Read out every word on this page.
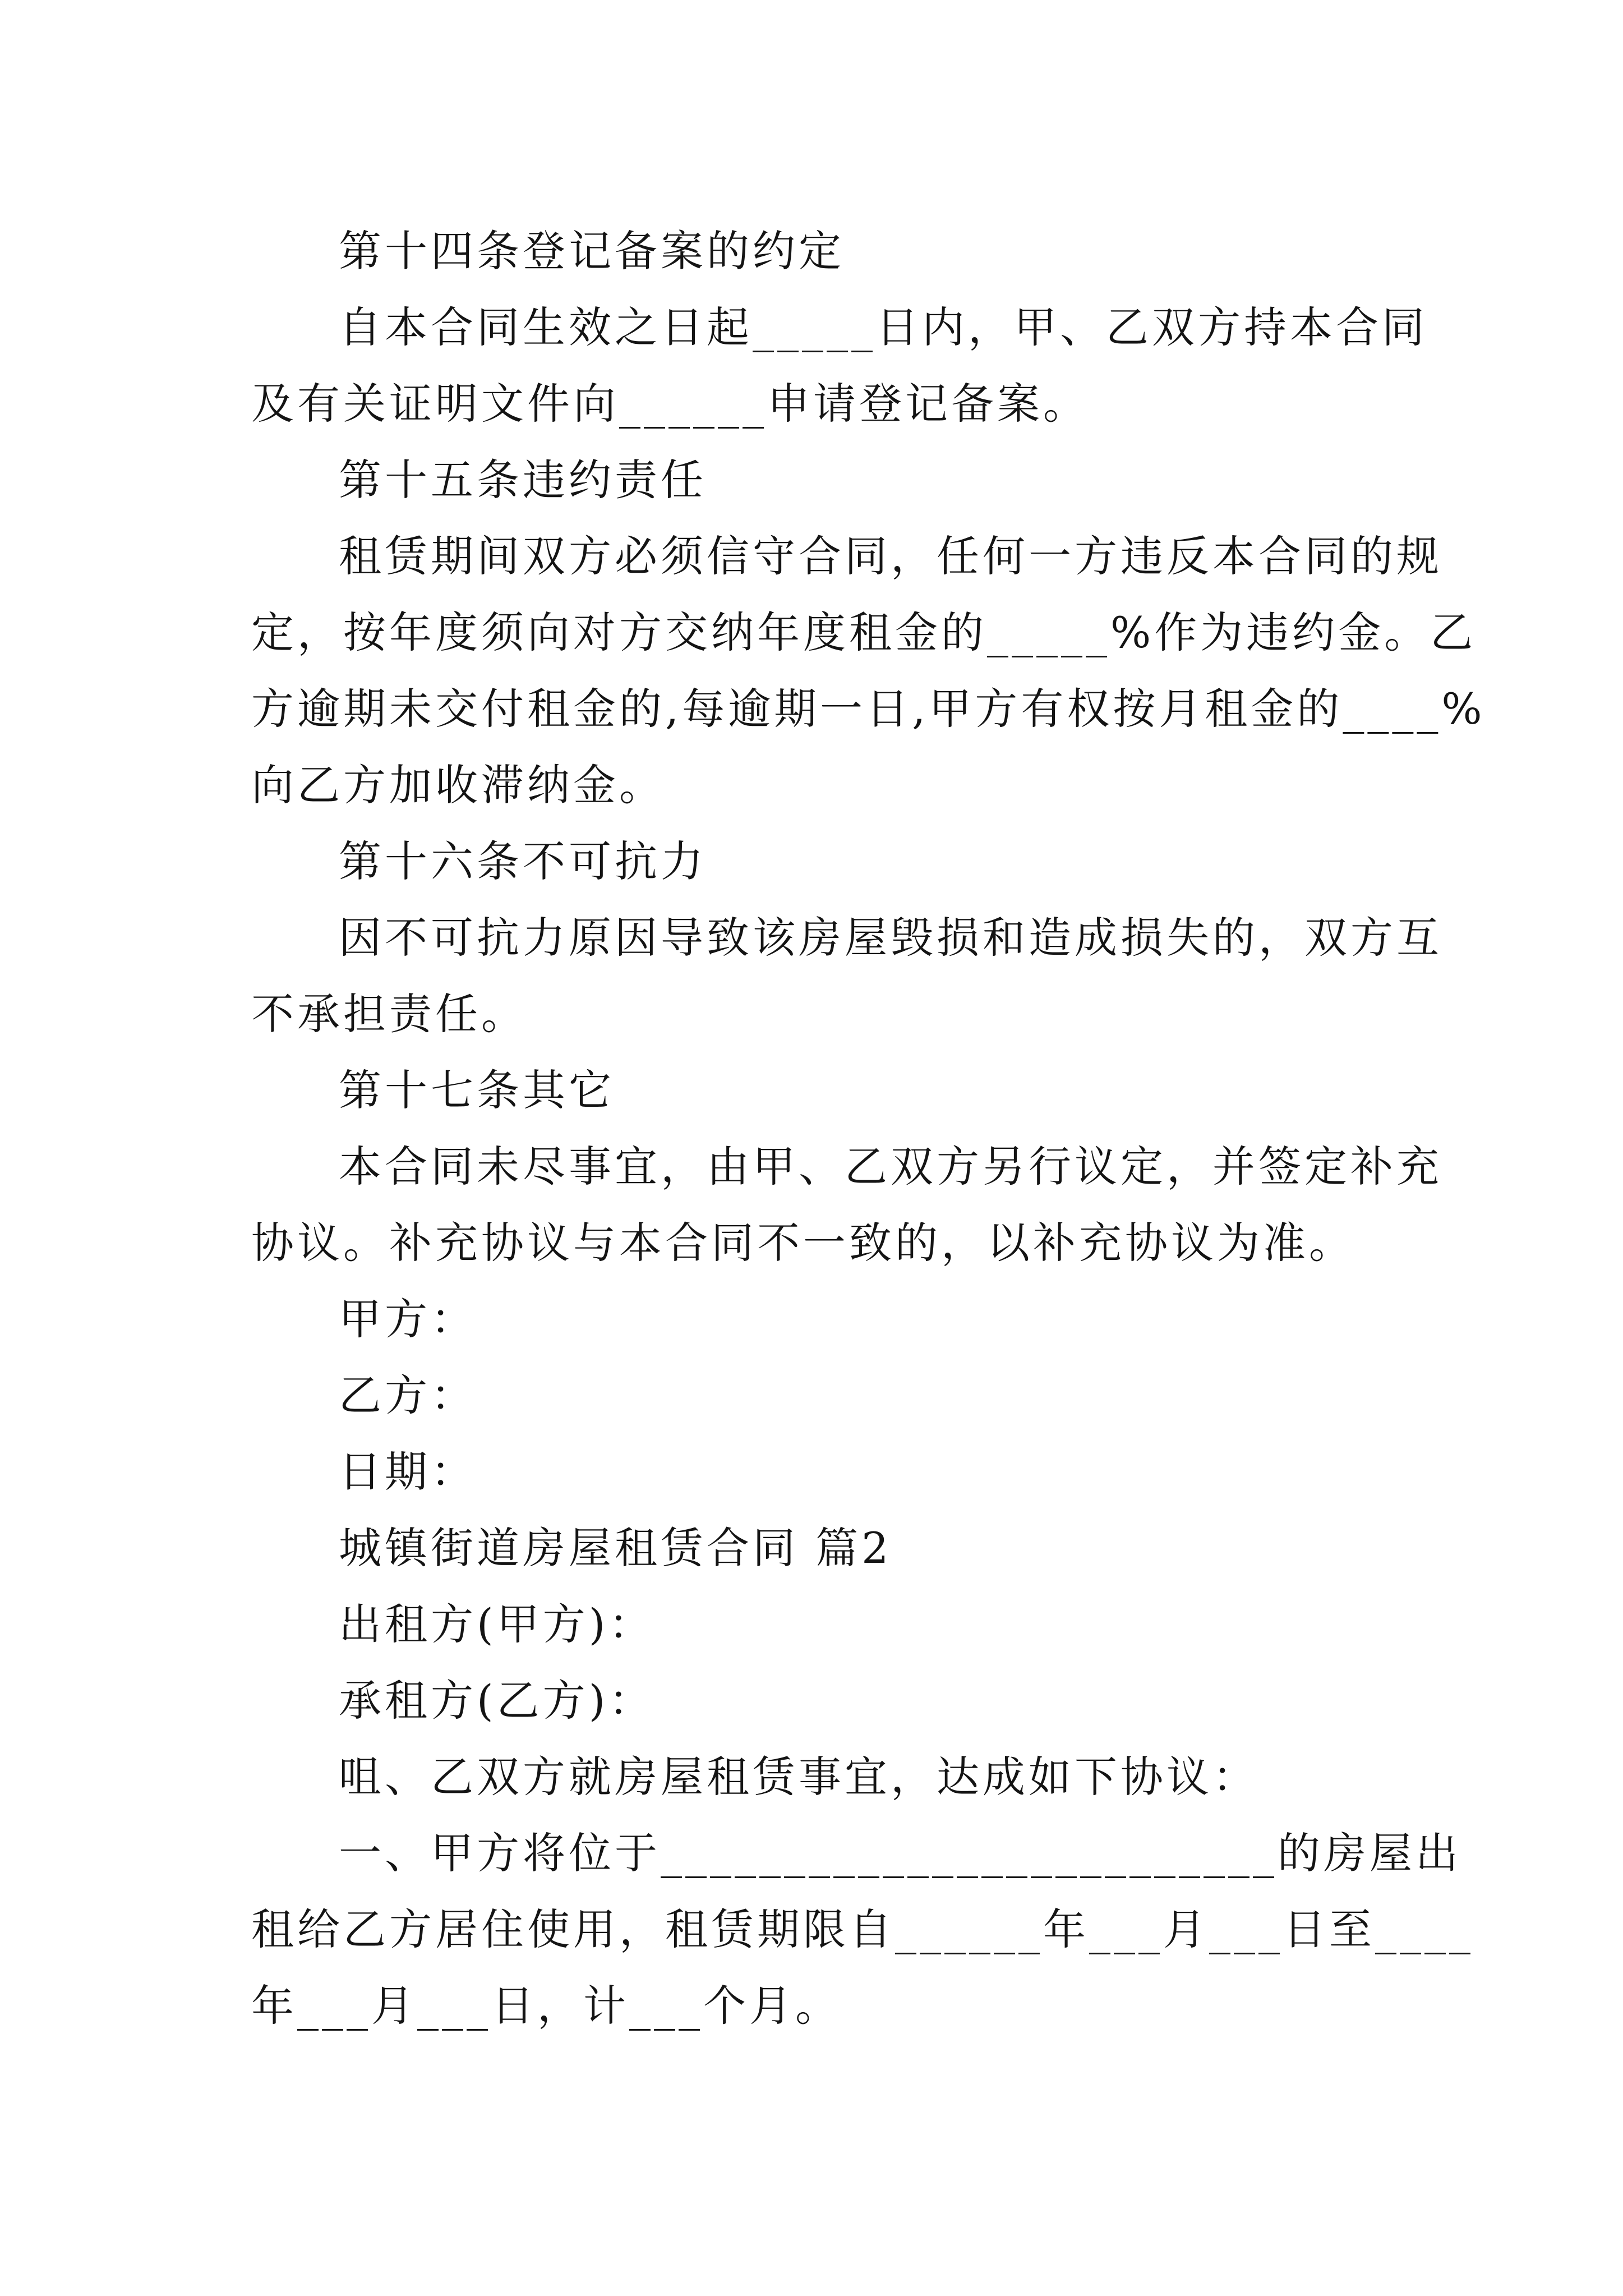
第十四条登记备案的约定
自本合同生效之日起_____日内，甲、乙双方持本合同
及有关证明文件向______申请登记备案。
第十五条违约责任
租赁期间双方必须信守合同，任何一方违反本合同的规
定，按年度须向对方交纳年度租金的_____%作为违约金。乙
方逾期未交付租金的,每逾期一日,甲方有权按月租金的____%
向乙方加收滞纳金。
第十六条不可抗力
因不可抗力原因导致该房屋毁损和造成损失的，双方互
不承担责任。
第十七条其它
本合同未尽事宜，由甲、乙双方另行议定，并签定补充
协议。补充协议与本合同不一致的，以补充协议为准。
甲方：
乙方：
日期：
城镇街道房屋租赁合同 篇2
出租方(甲方)：
承租方(乙方)：
咀、乙双方就房屋租赁事宜，达成如下协议：
一、甲方将位于_________________________的房屋出
租给乙方居住使用，租赁期限自______年___月___日至____
年___月___日，计___个月。
